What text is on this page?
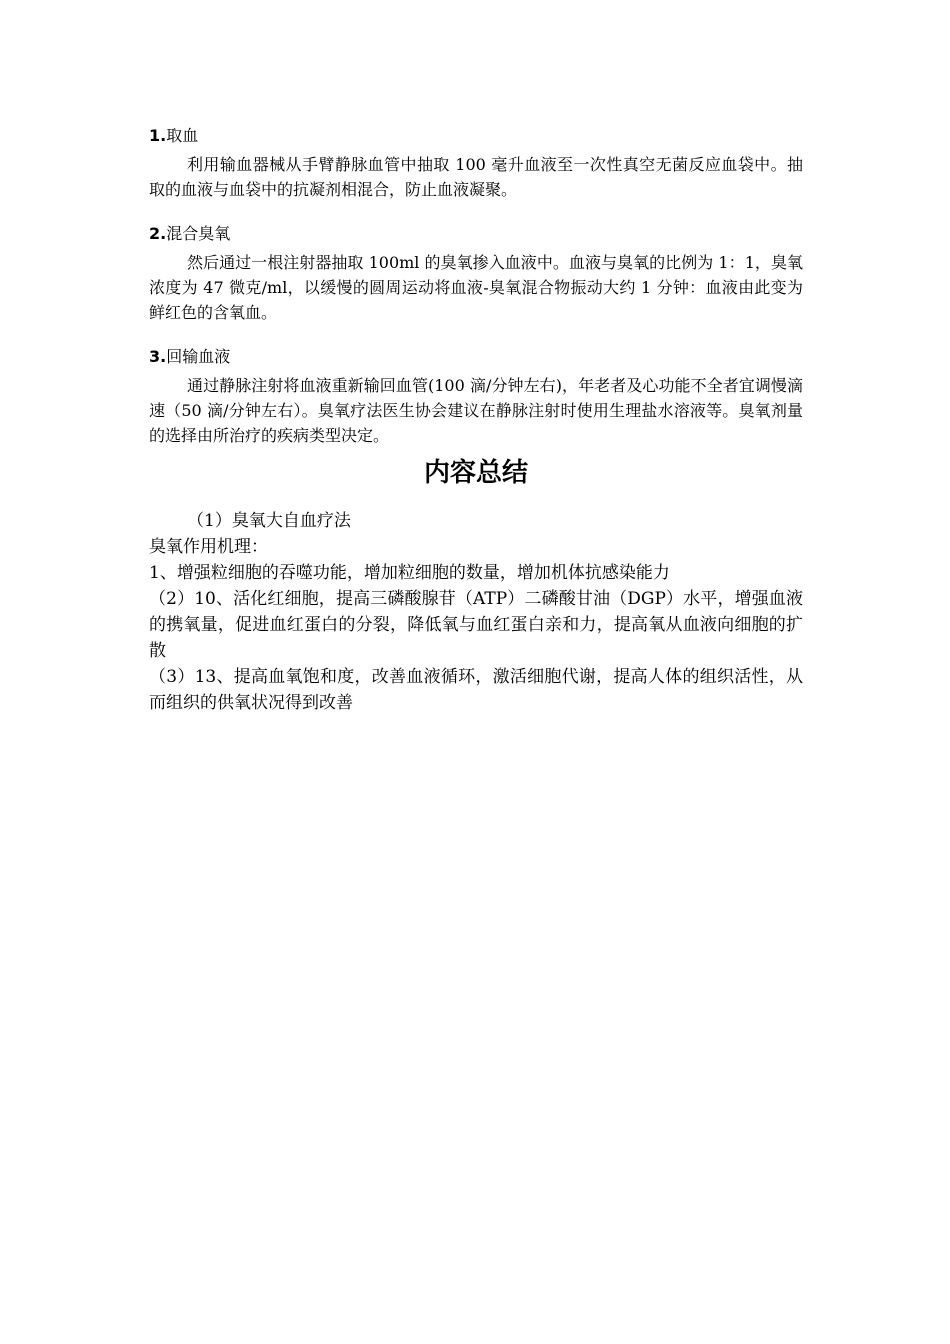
1.取血

利用输血器械从手臂静脉血管中抽取 100 毫升血液至一次性真空无菌反应血袋中。抽取的血液与血袋中的抗凝剂相混合，防止血液凝聚。

2.混合臭氧

然后通过一根注射器抽取 100ml 的臭氧掺入血液中。血液与臭氧的比例为 1：1，臭氧浓度为 47 微克/ml，以缓慢的圆周运动将血液-臭氧混合物振动大约 1 分钟：血液由此变为鲜红色的含氧血。

3.回输血液

通过静脉注射将血液重新输回血管(100 滴/分钟左右)，年老者及心功能不全者宜调慢滴速（50 滴/分钟左右）。臭氧疗法医生协会建议在静脉注射时使用生理盐水溶液等。臭氧剂量的选择由所治疗的疾病类型决定。

内容总结

（1）臭氧大自血疗法

臭氧作用机理：

1、增强粒细胞的吞噬功能，增加粒细胞的数量，增加机体抗感染能力

（2）10、活化红细胞，提高三磷酸腺苷（ATP）二磷酸甘油（DGP）水平，增强血液的携氧量，促进血红蛋白的分裂，降低氧与血红蛋白亲和力，提高氧从血液向细胞的扩散

（3）13、提高血氧饱和度，改善血液循环，激活细胞代谢，提高人体的组织活性，从而组织的供氧状况得到改善
